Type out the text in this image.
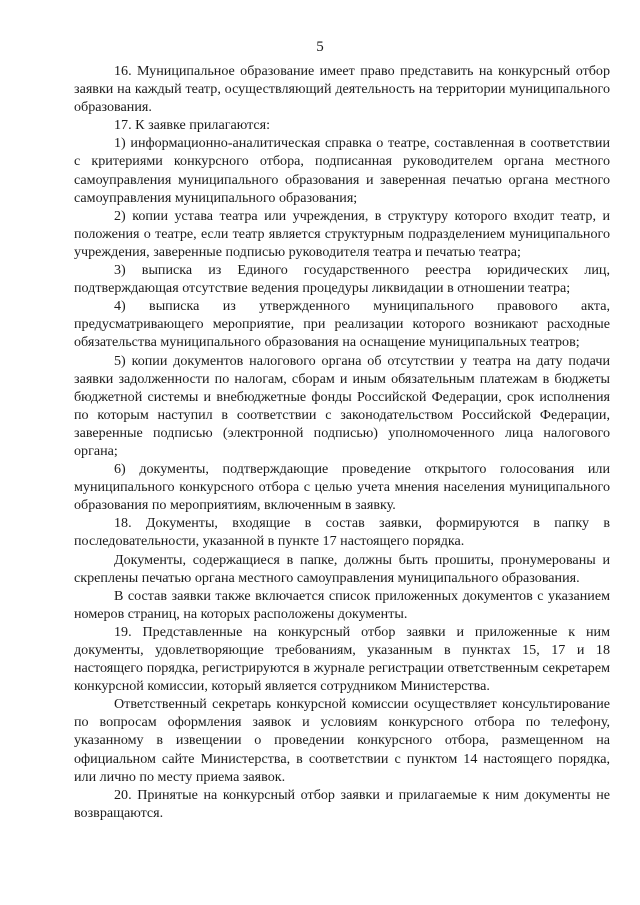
5

16. Муниципальное образование имеет право представить на конкурсный отбор заявки на каждый театр, осуществляющий деятельность на территории муниципального образования.

17. К заявке прилагаются:

1) информационно-аналитическая справка о театре, составленная в соответствии с критериями конкурсного отбора, подписанная руководителем органа местного самоуправления муниципального образования и заверенная печатью органа местного самоуправления муниципального образования;

2) копии устава театра или учреждения, в структуру которого входит театр, и положения о театре, если театр является структурным подразделением муниципального учреждения, заверенные подписью руководителя театра и печатью театра;

3) выписка из Единого государственного реестра юридических лиц, подтверждающая отсутствие ведения процедуры ликвидации в отношении театра;

4) выписка из утвержденного муниципального правового акта, предусматривающего мероприятие, при реализации которого возникают расходные обязательства муниципального образования на оснащение муниципальных театров;

5) копии документов налогового органа об отсутствии у театра на дату подачи заявки задолженности по налогам, сборам и иным обязательным платежам в бюджеты бюджетной системы и внебюджетные фонды Российской Федерации, срок исполнения по которым наступил в соответствии с законодательством Российской Федерации, заверенные подписью (электронной подписью) уполномоченного лица налогового органа;

6) документы, подтверждающие проведение открытого голосования или муниципального конкурсного отбора с целью учета мнения населения муниципального образования по мероприятиям, включенным в заявку.

18. Документы, входящие в состав заявки, формируются в папку в последовательности, указанной в пункте 17 настоящего порядка.

Документы, содержащиеся в папке, должны быть прошиты, пронумерованы и скреплены печатью органа местного самоуправления муниципального образования.

В состав заявки также включается список приложенных документов с указанием номеров страниц, на которых расположены документы.

19. Представленные на конкурсный отбор заявки и приложенные к ним документы, удовлетворяющие требованиям, указанным в пунктах 15, 17 и 18 настоящего порядка, регистрируются в журнале регистрации ответственным секретарем конкурсной комиссии, который является сотрудником Министерства.

Ответственный секретарь конкурсной комиссии осуществляет консультирование по вопросам оформления заявок и условиям конкурсного отбора по телефону, указанному в извещении о проведении конкурсного отбора, размещенном на официальном сайте Министерства, в соответствии с пунктом 14 настоящего порядка, или лично по месту приема заявок.

20. Принятые на конкурсный отбор заявки и прилагаемые к ним документы не возвращаются.
